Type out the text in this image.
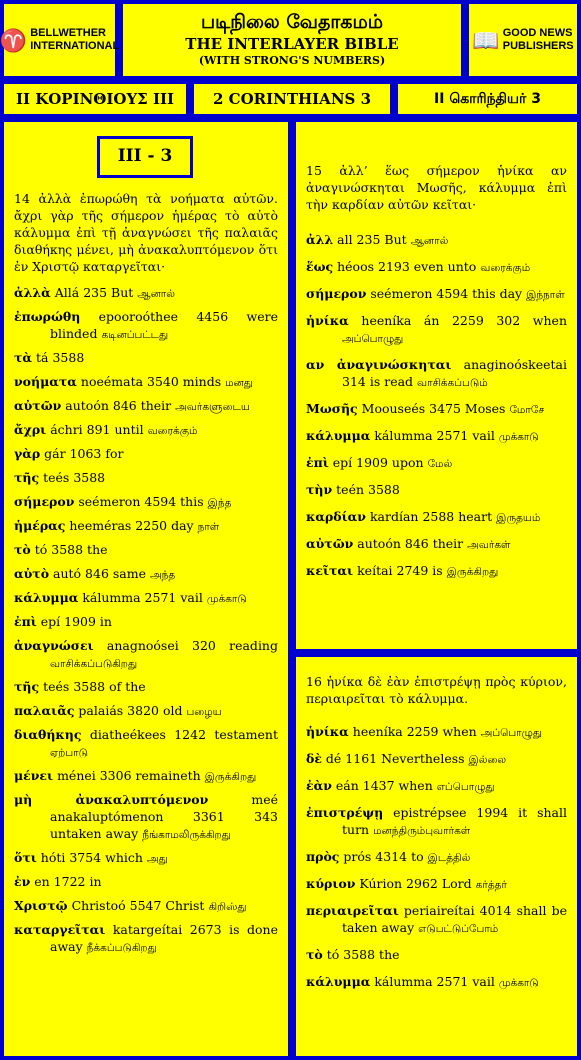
♈ BELLWETHER
INTERNATIONAL
படிநிலை வேதாகமம்
THE INTERLAYER BIBLE
(WITH STRONG'S NUMBERS)
📖 GOOD NEWS
PUBLISHERS
II ΚΟΡΙΝΘΙΟΥΣ ΙΙΙ	2 CORINTHIANS 3	II கொரிந்தியர் 3
III - 3

14 ἀλλὰ ἐπωρώθη τὰ νοήματα αὐτῶν. ἄχρι γὰρ τῆς σήμερον ἡμέρας τὸ αὐτὸ κάλυμμα ἐπὶ τῇ ἀναγνώσει τῆς παλαιᾶς διαθήκης μένει, μὴ ἀνακαλυπτόμενον ὅτι ἐν Χριστῷ καταργεῖται·

ἀλλὰ Allá 235 But ஆனால்

ἐπωρώθη epooroóthee 4456 were blinded கடினப்பட்டது

τὰ tá 3588

νοήματα noeémata 3540 minds மனது

αὐτῶν autoón 846 their அவர்களுடைய

ἄχρι áchri 891 until வரைக்கும்

γὰρ gár 1063 for

τῆς teés 3588

σήμερον seémeron 4594 this இந்த

ἡμέρας heeméras 2250 day நாள்

τὸ tó 3588 the

αὐτὸ autó 846 same அந்த

κάλυμμα kálumma 2571 vail முக்காடு

ἐπὶ epí 1909 in

ἀναγνώσει anagnoósei 320 reading வாசிக்கப்படுகிறது

τῆς teés 3588 of the

παλαιᾶς palaiás 3820 old பழைய

διαθήκης diatheékees 1242 testament ஏற்பாடு

μένει ménei 3306 remaineth இருக்கிறது

μὴ ἀνακαλυπτόμενον	meé anakaluptómenon 3361 343 untaken away நீங்காமலிருக்கிறது

ὅτι hóti 3754 which அது

ἐν en 1722 in

Χριστῷ Christoó 5547 Christ கிறிஸ்து

καταργεῖται katargeítai 2673 is done away நீக்கப்படுகிறது

15 ἀλλ’ ἕως σήμερον ἡνίκα αν ἀναγινώσκηται Μωσῆς, κάλυμμα ἐπὶ τὴν καρδίαν αὐτῶν κεῖται·

ἀλλ all 235 But ஆனால்

ἕως héoos 2193 even unto வரைக்கும்

σήμερον seémeron 4594 this day இந்நாள்

ἡνίκα heeníka án 2259 302 when அப்பொழுது

αν ἀναγινώσκηται anaginoóskeetai 314 is read வாசிக்கப்படும்

Μωσῆς Moouseés 3475 Moses மோசே

κάλυμμα kálumma 2571 vail முக்காடு

ἐπὶ epí 1909 upon மேல்

τὴν teén 3588

καρδίαν kardían 2588 heart இருதயம்

αὐτῶν autoón 846 their அவர்கள்

κεῖται keítai 2749 is இருக்கிறது

16 ἡνίκα δὲ ἐὰν ἐπιστρέψῃ πρὸς κύριον, περιαιρεῖται τὸ κάλυμμα.

ἡνίκα heeníka 2259 when அப்பொழுது

δὲ dé 1161 Nevertheless இல்லை

ἐὰν eán 1437 when எப்பொழுது

ἐπιστρέψῃ epistrépsee 1994 it shall turn மனந்திரும்புவார்கள்

πρὸς prós 4314 to இடத்தில்

κύριον Kúrion 2962 Lord கர்த்தர்

περιαιρεῖται periaireítai 4014 shall be taken away எடுபட்டுப்போம்

τὸ tó 3588 the

κάλυμμα kálumma 2571 vail முக்காடு
